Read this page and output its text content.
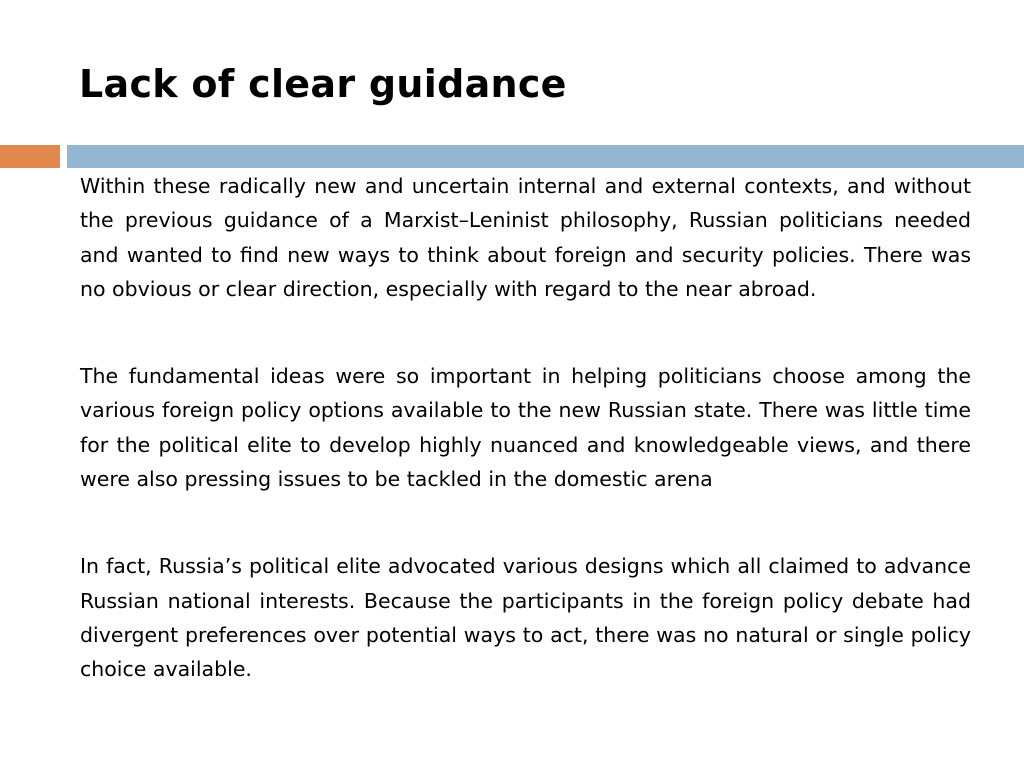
Lack of clear guidance

Within these radically new and uncertain internal and external contexts, and without the previous guidance of a Marxist–Leninist philosophy, Russian politicians needed and wanted to find new ways to think about foreign and security policies. There was no obvious or clear direction, especially with regard to the near abroad.

The fundamental ideas were so important in helping politicians choose among the various foreign policy options available to the new Russian state. There was little time for the political elite to develop highly nuanced and knowledgeable views, and there were also pressing issues to be tackled in the domestic arena

In fact, Russia’s political elite advocated various designs which all claimed to advance Russian national interests. Because the participants in the foreign policy debate had divergent preferences over potential ways to act, there was no natural or single policy choice available.
